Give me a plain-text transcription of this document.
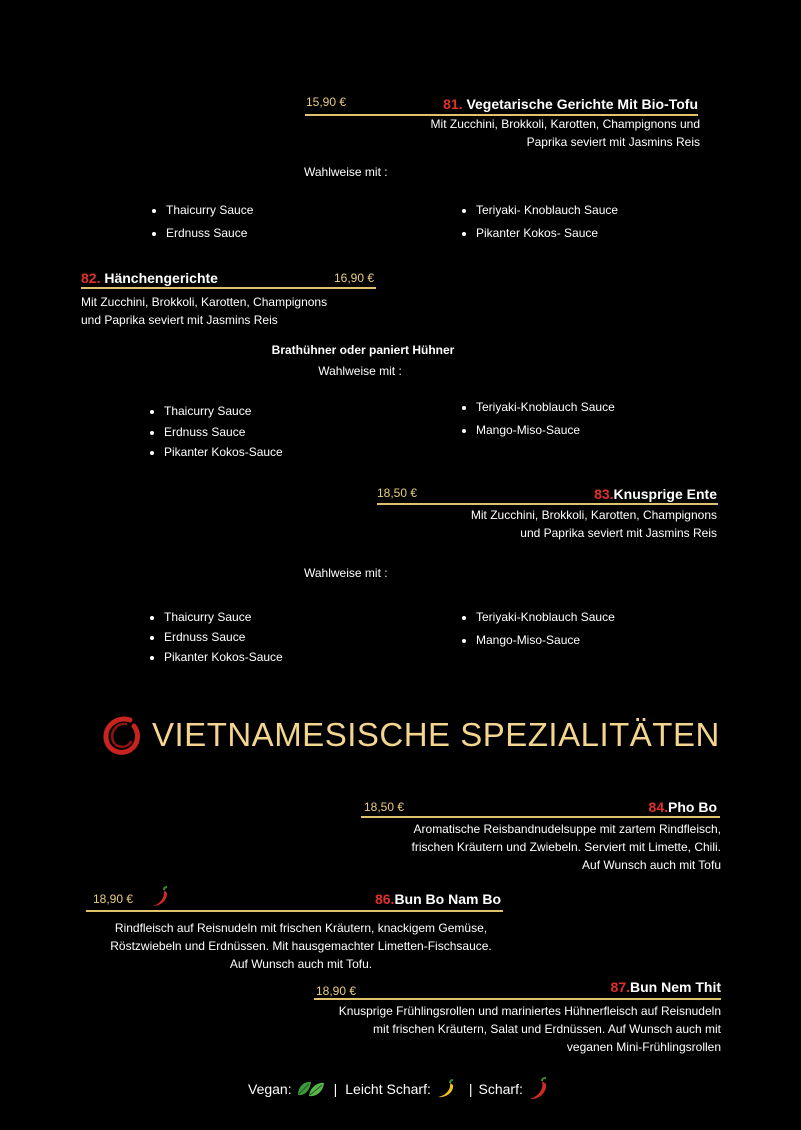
15,90 €	81. Vegetarische Gerichte Mit Bio-Tofu
Mit Zucchini, Brokkoli, Karotten, Champignons und
Paprika seviert mit Jasmins Reis
Wahlweise mit :
• Thaicurry Sauce
• Erdnuss Sauce
• Teriyaki- Knoblauch Sauce
• Pikanter Kokos- Sauce
82. Hänchengerichte	16,90 €
Mit Zucchini, Brokkoli, Karotten, Champignons
und Paprika seviert mit Jasmins Reis
Brathühner oder paniert Hühner
Wahlweise mit :
• Thaicurry Sauce
• Erdnuss Sauce
• Pikanter Kokos-Sauce
• Teriyaki-Knoblauch Sauce
• Mango-Miso-Sauce
18,50 €	83.Knusprige Ente
Mit Zucchini, Brokkoli, Karotten, Champignons
und Paprika seviert mit Jasmins Reis
Wahlweise mit :
• Thaicurry Sauce
• Erdnuss Sauce
• Pikanter Kokos-Sauce
• Teriyaki-Knoblauch Sauce
• Mango-Miso-Sauce
VIETNAMESISCHE SPEZIALITÄTEN
18,50 €	84.Pho Bo
Aromatische Reisbandnudelsuppe mit zartem Rindfleisch,
frischen Kräutern und Zwiebeln. Serviert mit Limette, Chili.
Auf Wunsch auch mit Tofu
18,90 €	86.Bun Bo Nam Bo
Rindfleisch auf Reisnudeln mit frischen Kräutern, knackigem Gemüse,
Röstzwiebeln und Erdnüssen. Mit hausgemachter Limetten-Fischsauce.
Auf Wunsch auch mit Tofu.
18,90 €	87.Bun Nem Thit
Knusprige Frühlingsrollen und mariniertes Hühnerfleisch auf Reisnudeln
mit frischen Kräutern, Salat und Erdnüssen. Auf Wunsch auch mit
veganen Mini-Frühlingsrollen
Vegan:	| Leicht Scharf:	| Scharf:
